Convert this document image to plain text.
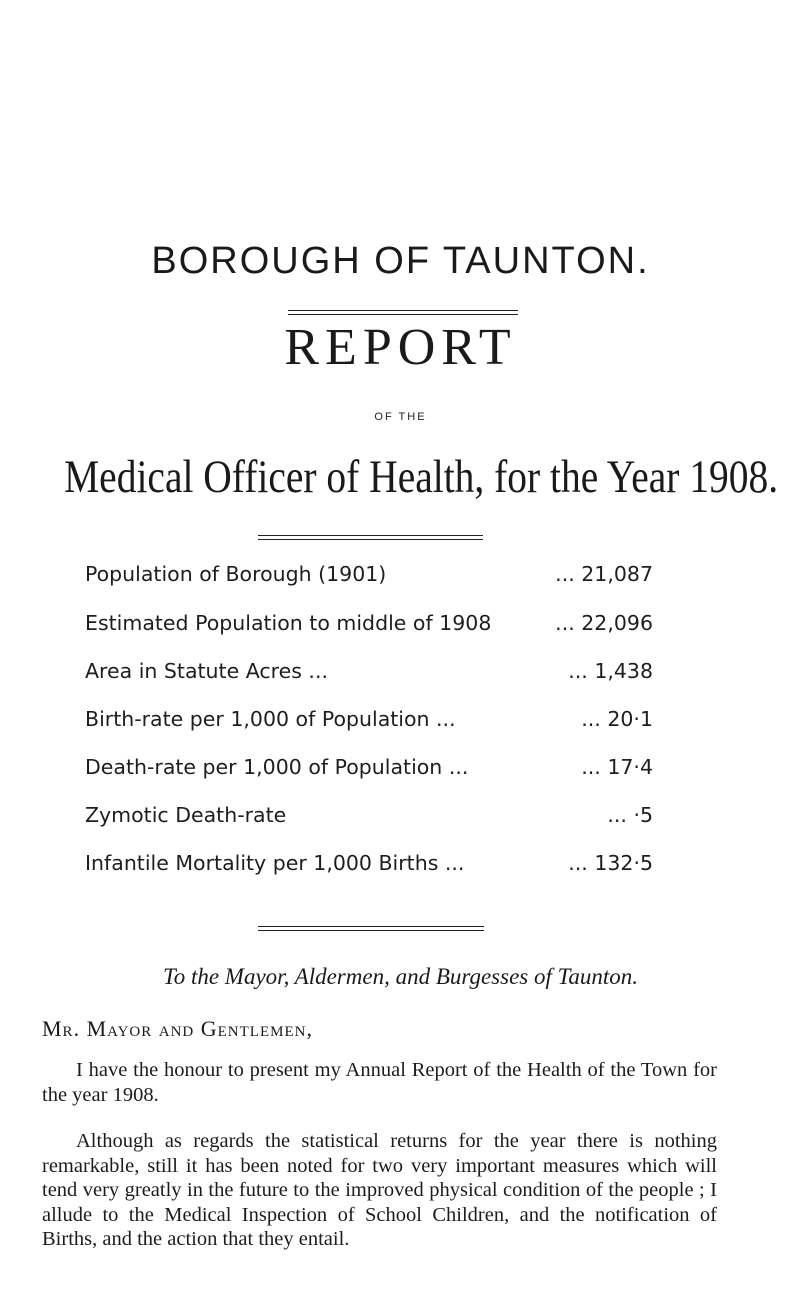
BOROUGH OF TAUNTON.
REPORT
OF THE
Medical Officer of Health, for the Year 1908.
Population of Borough (1901)	... 21,087
Estimated Population to middle of 1908	... 22,096
Area in Statute Acres ...	... 1,438
Birth-rate per 1,000 of Population ...	... 20·1
Death-rate per 1,000 of Population ...	... 17·4
Zymotic Death-rate	... ·5
Infantile Mortality per 1,000 Births ...	... 132·5
To the Mayor, Aldermen, and Burgesses of Taunton.
Mr. Mayor and Gentlemen,

I have the honour to present my Annual Report of the Health of the Town for the year 1908.

Although as regards the statistical returns for the year there is nothing remarkable, still it has been noted for two very important measures which will tend very greatly in the future to the improved physical condition of the people ; I allude to the Medical Inspection of School Children, and the notification of Births, and the action that they entail.
